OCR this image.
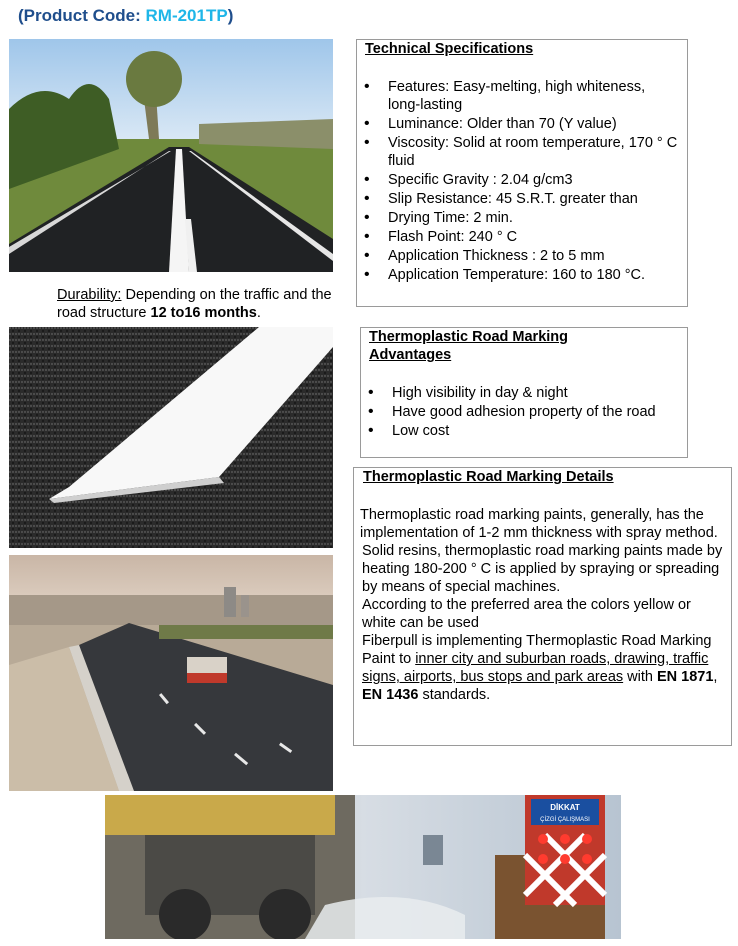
(Product Code: RM-201TP)
Durability: Depending on the traffic and the road structure 12 to16 months.
Technical Specifications
• Features: Easy-melting, high whiteness, long-lasting
• Luminance: Older than 70 (Y value)
• Viscosity: Solid at room temperature, 170 ° C fluid
• Specific Gravity : 2.04 g/cm3
• Slip Resistance: 45 S.R.T. greater than
• Drying Time: 2 min.
• Flash Point: 240 ° C
• Application Thickness : 2 to 5 mm
• Application Temperature: 160 to 180 °C.
Thermoplastic Road Marking Advantages
• High visibility in day & night
• Have good adhesion property of the road
• Low cost
Thermoplastic Road Marking Details

Thermoplastic road marking paints, generally, has the implementation of 1-2 mm thickness with spray method.

Solid resins, thermoplastic road marking paints made by heating 180-200 ° C is applied by spraying or spreading by means of special machines.

According to the preferred area the colors yellow or white can be used

Fiberpull is implementing Thermoplastic Road Marking Paint to inner city and suburban roads, drawing, traffic signs, airports, bus stops and park areas with EN 1871, EN 1436 standards.

DİKKAT
ÇİZGİ ÇALIŞMASI
